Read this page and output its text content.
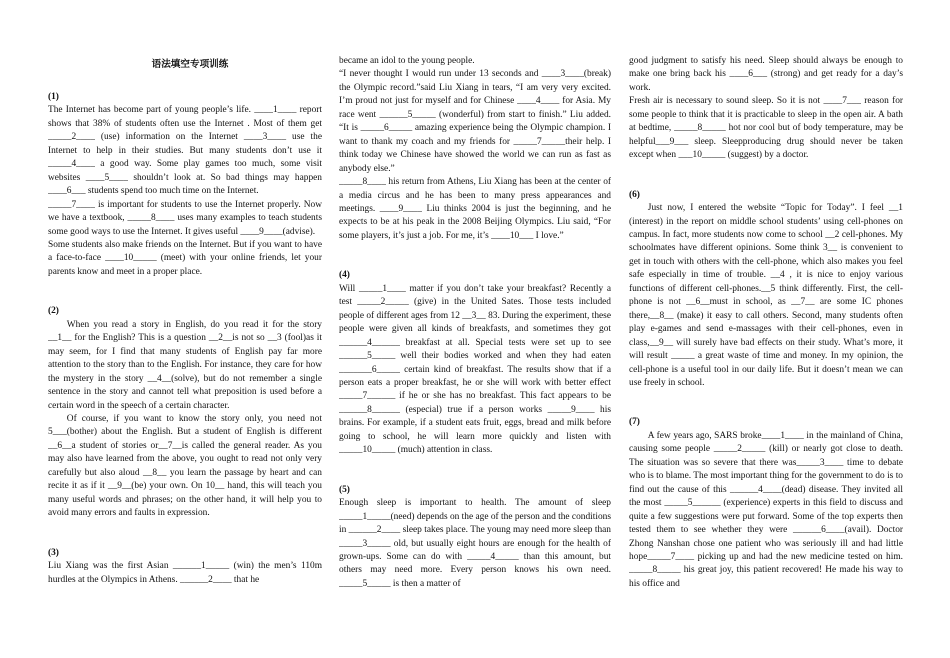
语法填空专项训练
(1)

The Internet has become part of young people’s life. ____1____ report shows that 38% of students often use the Internet . Most of them get _____2____ (use) information on the Internet ____3____ use the Internet to help in their studies. But many students don’t use it _____4____ a good way. Some play games too much, some visit websites ____5____ shouldn’t look at. So bad things may happen ____6___ students spend too much time on the Internet.

_____7____ is important for students to use the Internet properly. Now we have a textbook, _____8____ uses many examples to teach students some good ways to use the Internet. It gives useful ____9____(advise).

Some students also make friends on the Internet. But if you want to have a face-to-face ____10_____ (meet) with your online friends, let your parents know and meet in a proper place.

(2)

When you read a story in English, do you read it for the story __1__ for the English? This is a question __2__is not so __3 (fool)as it may seem, for I find that many students of English pay far more attention to the story than to the English. For instance, they care for how the mystery in the story __4__(solve), but do not remember a single sentence in the story and cannot tell what preposition is used before a certain word in the speech of a certain character.

Of course, if you want to know the story only, you need not 5___(bother) about the English. But a student of English is different __6__a student of stories or__7__is called the general reader. As you may also have learned from the above, you ought to read not only very carefully but also aloud __8__ you learn the passage by heart and can recite it as if it __9__(be) your own. On 10__ hand, this will teach you many useful words and phrases; on the other hand, it will help you to avoid many errors and faults in expression.

(3)

Liu Xiang was the first Asian ______1_____ (win) the men’s 110m hurdles at the Olympics in Athens. ______2____ that he

became an idol to the young people.

“I never thought I would run under 13 seconds and ____3____(break) the Olympic record.”said Liu Xiang in tears, “I am very very excited. I’m proud not just for myself and for Chinese ____4____ for Asia. My race went ______5_____ (wonderful) from start to finish.” Liu added. “It is _____6_____ amazing experience being the Olympic champion. I want to thank my coach and my friends for _____7_____their help. I think today we Chinese have showed the world we can run as fast as anybody else.”

_____8____ his return from Athens, Liu Xiang has been at the center of a media circus and he has been to many press appearances and meetings. ____9____ Liu thinks 2004 is just the beginning, and he expects to be at his peak in the 2008 Beijing Olympics. Liu said, “For some players, it’s just a job. For me, it’s ____10___ I love.”

(4)

Will _____1____ matter if you don’t take your breakfast? Recently a test _____2_____ (give) in the United Sates. Those tests included people of different ages from 12 __3__ 83. During the experiment, these people were given all kinds of breakfasts, and sometimes they got ______4______ breakfast at all. Special tests were set up to see ______5_____ well their bodies worked and when they had eaten _______6_____ certain kind of breakfast. The results show that if a person eats a proper breakfast, he or she will work with better effect _____7______ if he or she has no breakfast. This fact appears to be ______8______ (especial) true if a person works _____9____ his brains. For example, if a student eats fruit, eggs, bread and milk before going to school, he will learn more quickly and listen with _____10_____ (much) attention in class.

(5)

Enough sleep is important to health. The amount of sleep _____1_____(need) depends on the age of the person and the conditions in ______2____ sleep takes place. The young may need more sleep than _____3_____ old, but usually eight hours are enough for the health of grown-ups. Some can do with _____4_____ than this amount, but others may need more. Every person knows his own need. _____5_____ is then a matter of

good judgment to satisfy his need. Sleep should always be enough to make one bring back his ____6___ (strong) and get ready for a day’s work.

Fresh air is necessary to sound sleep. So it is not ____7___ reason for some people to think that it is practicable to sleep in the open air. A bath at bedtime, _____8_____ hot nor cool but of body temperature, may be helpful___9___ sleep. Sleepproducing drug should never be taken except when ___10_____ (suggest) by a doctor.

(6)

Just now, I entered the website “Topic for Today”. I feel __1 (interest) in the report on middle school students’ using cell-phones on campus. In fact, more students now come to school __2 cell-phones. My schoolmates have different opinions. Some think 3__ is convenient to get in touch with others with the cell-phone, which also makes you feel safe especially in time of trouble. __4 , it is nice to enjoy various functions of different cell-phones.__5 think differently. First, the cell-phone is not __6__must in school, as __7__ are some IC phones there,__8__ (make) it easy to call others. Second, many students often play e-games and send e-massages with their cell-phones, even in class,__9__ will surely have bad effects on their study. What’s more, it will result _____ a great waste of time and money. In my opinion, the cell-phone is a useful tool in our daily life. But it doesn’t mean we can use freely in school.

(7)

A few years ago, SARS broke____1____ in the mainland of China, causing some people _____2_____ (kill) or nearly got close to death. The situation was so severe that there was_____3____ time to debate who is to blame. The most important thing for the government to do is to find out the cause of this ______4____(dead) disease. They invited all the most _____5______ (experience) experts in this field to discuss and quite a few suggestions were put forward. Some of the top experts then tested them to see whether they were ______6____(avail). Doctor Zhong Nanshan chose one patient who was seriously ill and had little hope_____7____ picking up and had the new medicine tested on him. _____8_____ his great joy, this patient recovered! He made his way to his office and
